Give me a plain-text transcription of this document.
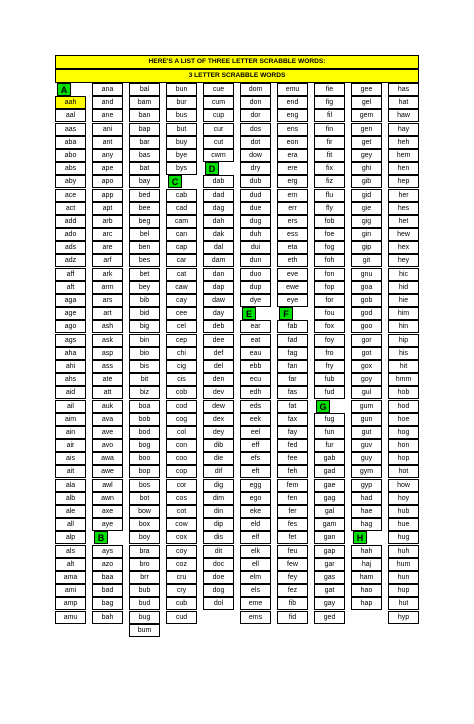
HERE'S A LIST OF THREE LETTER SCRABBLE WORDS:
3 LETTER SCRABBLE WORDS
A
aah
aal
aas
aba
abo
abs
aby
ace
act
add
ado
ads
adz
aff
aft
aga
age
ago
ags
aha
ahi
ahs
aid
ail
aim
ain
air
ais
ait
ala
alb
ale
all
alp
als
alt
ama
ami
amp
amu
ana
and
ane
ani
ant
any
ape
apo
app
apt
arb
arc
are
arf
ark
arm
ars
art
ash
ask
asp
ass
ate
att
auk
ava
ave
avo
awa
awe
awl
awn
axe
aye
B
ays
azo
baa
bad
bag
bah
bal
bam
ban
bap
bar
bas
bat
bay
bed
bee
beg
bel
ben
bes
bet
bey
bib
bid
big
bin
bio
bis
bit
biz
boa
bob
bod
bog
boo
bop
bos
bot
bow
box
boy
bra
bro
brr
bub
bud
bug
bum
bun
bur
bus
but
buy
bye
bys
C
cab
cad
cam
can
cap
car
cat
caw
cay
cee
cel
cep
chi
cig
cis
cob
cod
cog
col
con
coo
cop
cor
cos
cot
cow
cox
coy
coz
cru
cry
cub
cud
cue
cum
cup
cur
cut
cwm
D
dab
dad
dag
dah
dak
dal
dam
dan
dap
daw
day
deb
dee
def
del
den
dev
dew
dex
dey
dib
die
dif
dig
dim
din
dip
dis
dit
doc
doe
dog
dol
dom
don
dor
dos
dot
dow
dry
dub
dud
due
dug
duh
dui
dun
duo
dup
dye
E
ear
eat
eau
ebb
ecu
edh
eds
eek
eel
eff
efs
eft
egg
ego
eke
eld
elf
elk
ell
elm
els
eme
ems
emu
end
eng
ens
eon
era
ere
erg
ern
err
ers
ess
eta
eth
eve
ewe
eye
F
fab
fad
fag
fan
far
fas
fat
fax
fay
fed
fee
feh
fem
fen
fer
fes
fet
feu
few
fey
fez
fib
fid
fie
fig
fil
fin
fir
fit
fix
fiz
flu
fly
fob
foe
fog
foh
fon
fop
for
fou
fox
foy
fro
fry
fub
fud
G
fug
fun
fur
gab
gad
gae
gag
gal
gam
gan
gap
gar
gas
gat
gay
ged
gee
gel
gem
gen
get
gey
ghi
gib
gid
gie
gig
gin
gip
git
gnu
goa
gob
god
goo
gor
got
gox
goy
gul
gum
gun
gut
guv
guy
gym
gyp
had
hae
hag
H
hah
haj
ham
hao
hap
has
hat
haw
hay
heh
hem
hen
hep
her
hes
het
hew
hex
hey
hic
hid
hie
him
hin
hip
his
hit
hmm
hob
hod
hoe
hog
hon
hop
hot
how
hoy
hub
hue
hug
huh
hum
hun
hup
hut
hyp
